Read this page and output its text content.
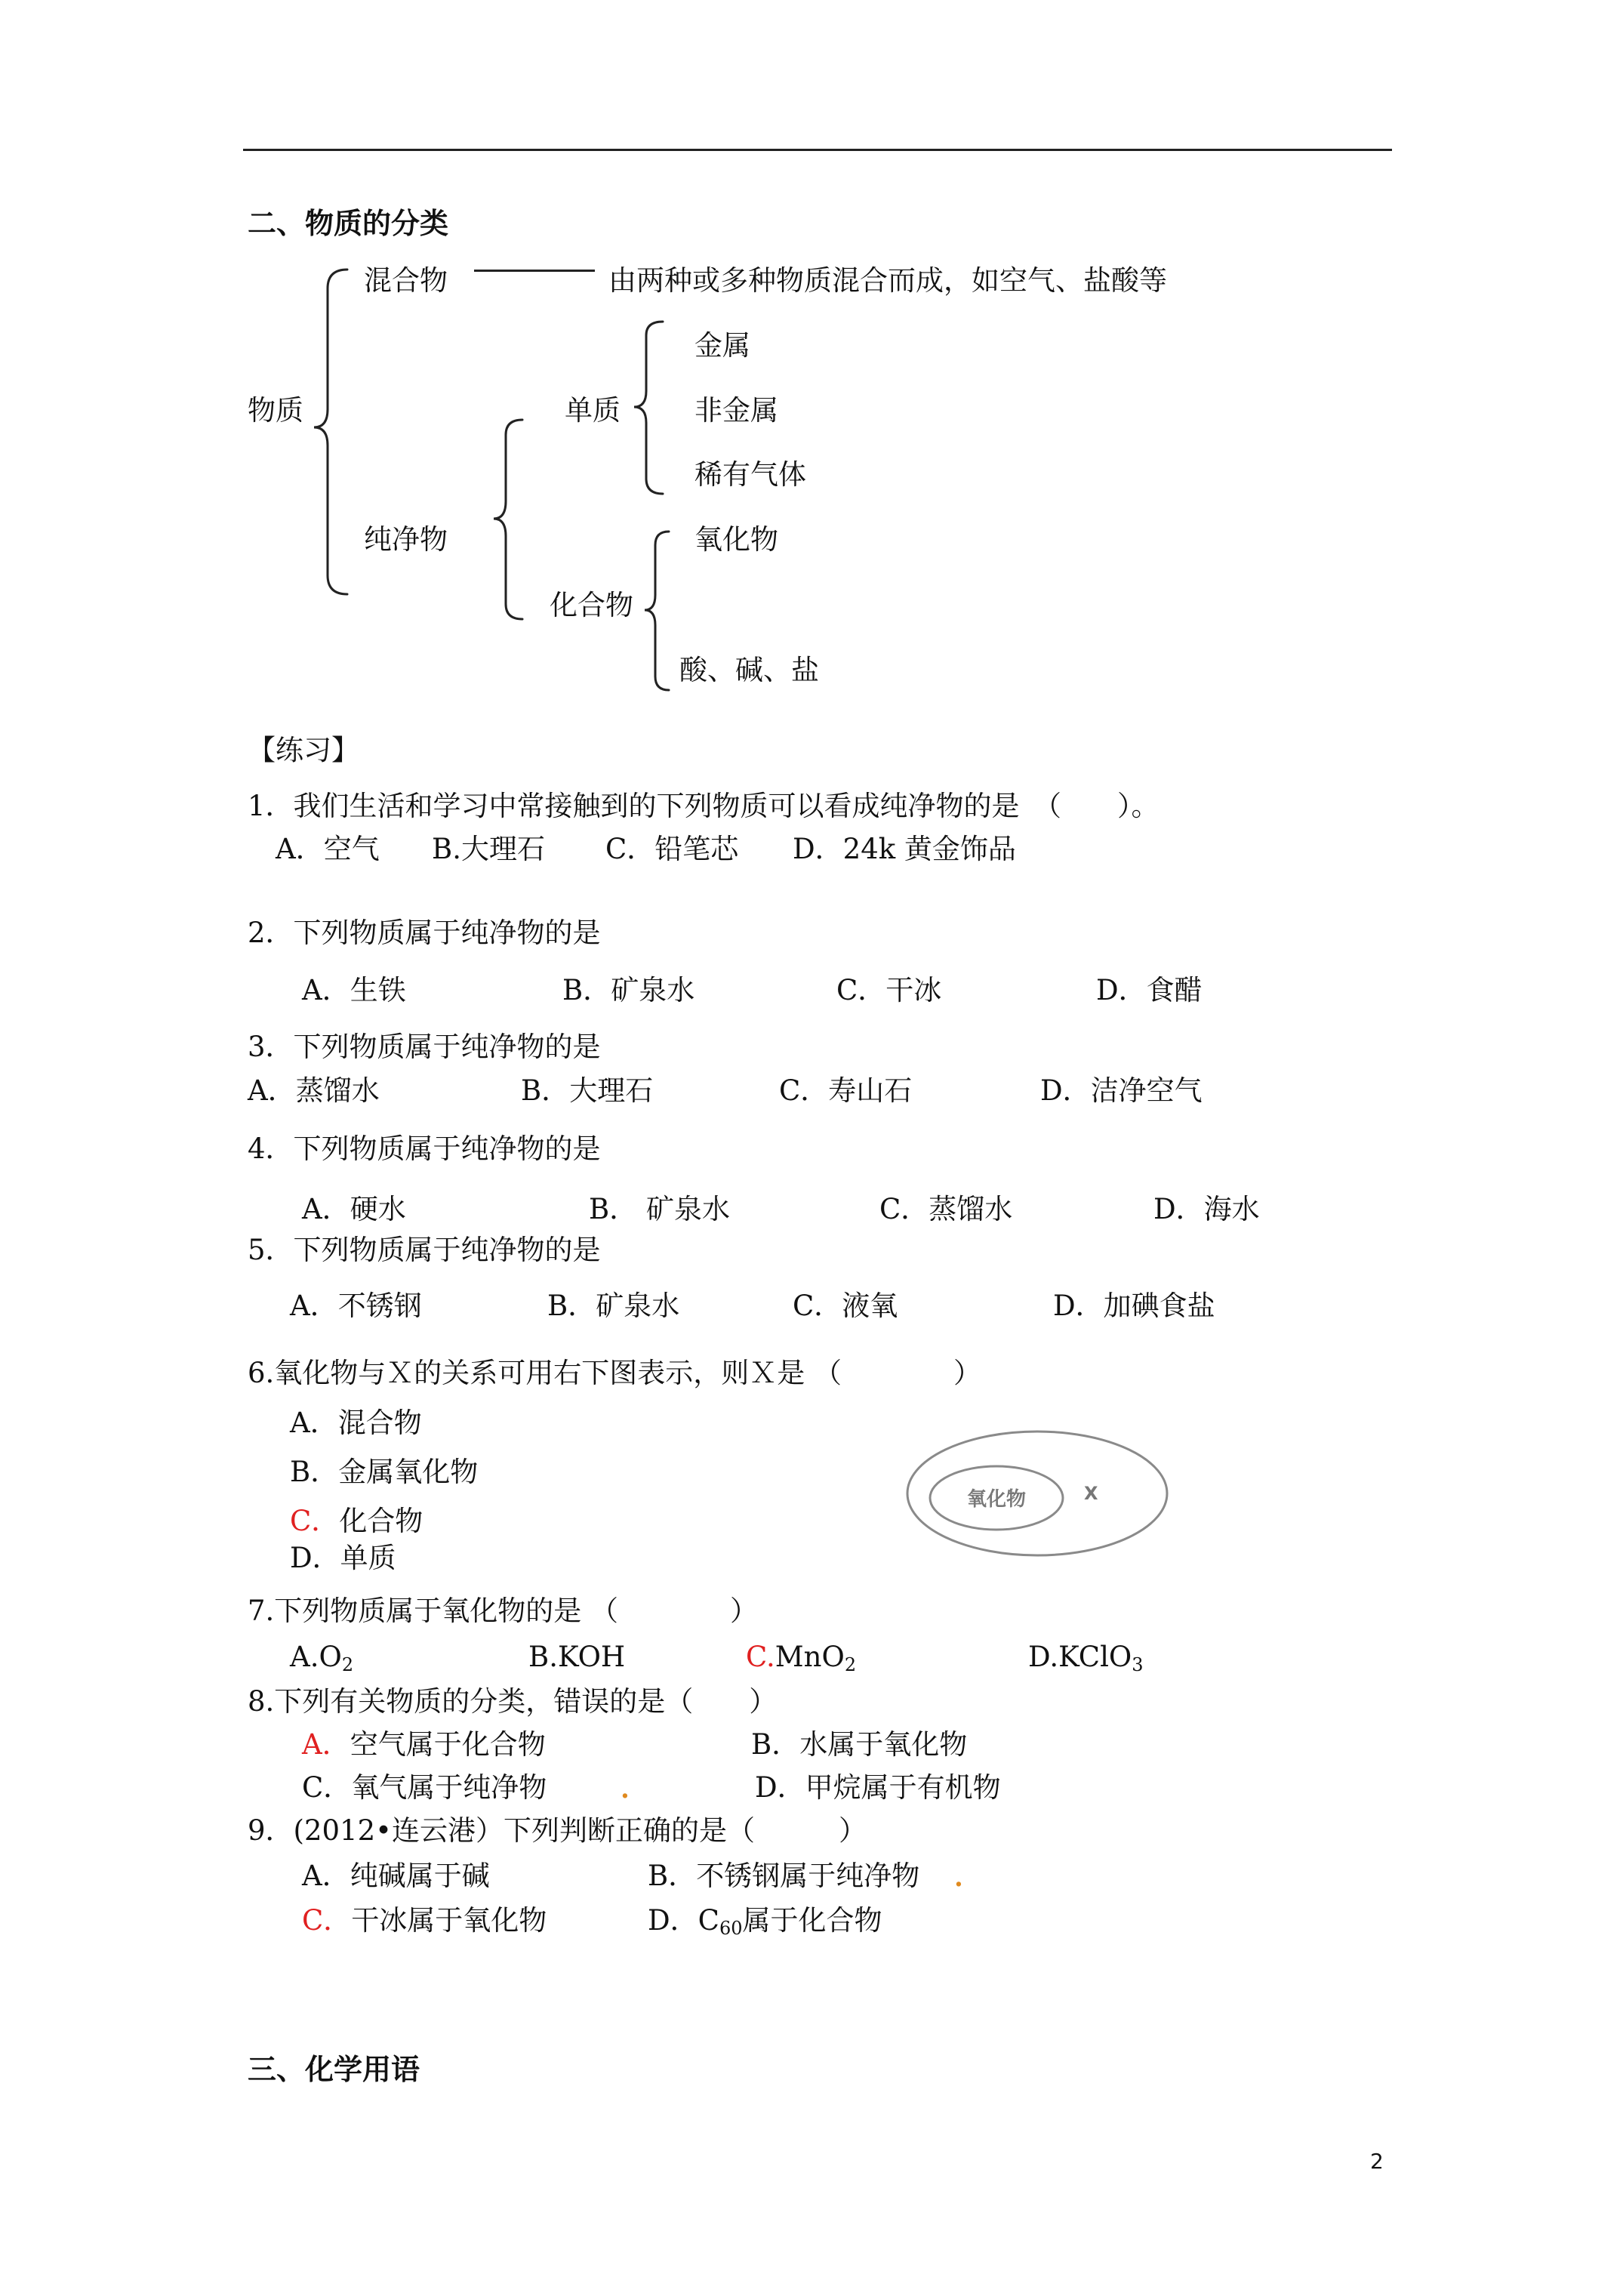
二、物质的分类
物质
混合物	由两种或多种物质混合而成，如空气、盐酸等
纯净物
单质
金属
非金属
稀有气体
化合物
氧化物
酸、碱、盐
【练习】
1．我们生活和学习中常接触到的下列物质可以看成纯净物的是　（　　）。
A．空气 B.大理石 C．铅笔芯 D．24k 黄金饰品
2．下列物质属于纯净物的是
A．生铁	B．矿泉水	C．干冰	D．食醋
3．下列物质属于纯净物的是
A．蒸馏水	B．大理石	C．寿山石	D．洁净空气
4．下列物质属于纯净物的是
A．硬水	B． 矿泉水	C．蒸馏水	D．海水
5．下列物质属于纯净物的是
A．不锈钢	B．矿泉水	C．液氧	D．加碘食盐
6.氧化物与Ｘ的关系可用右下图表示，则Ｘ是 （　　　　）
A．混合物
B．金属氧化物
C．化合物
D．单质
氧化物	X
7.下列物质属于氧化物的是 （　　　　）
$A.O_2$	B.KOH	C.MnO$_2$	D.KClO$_3$
8.下列有关物质的分类，错误的是（　　）
A．空气属于化合物	B．水属于氧化物
C．氧气属于纯净物	.	D．甲烷属于有机物
9．(2012•连云港）下列判断正确的是（　　　）
A．纯碱属于碱	B．不锈钢属于纯净物 .
C．干冰属于氧化物	D．$C_{60}$属于化合物
三、化学用语
2
